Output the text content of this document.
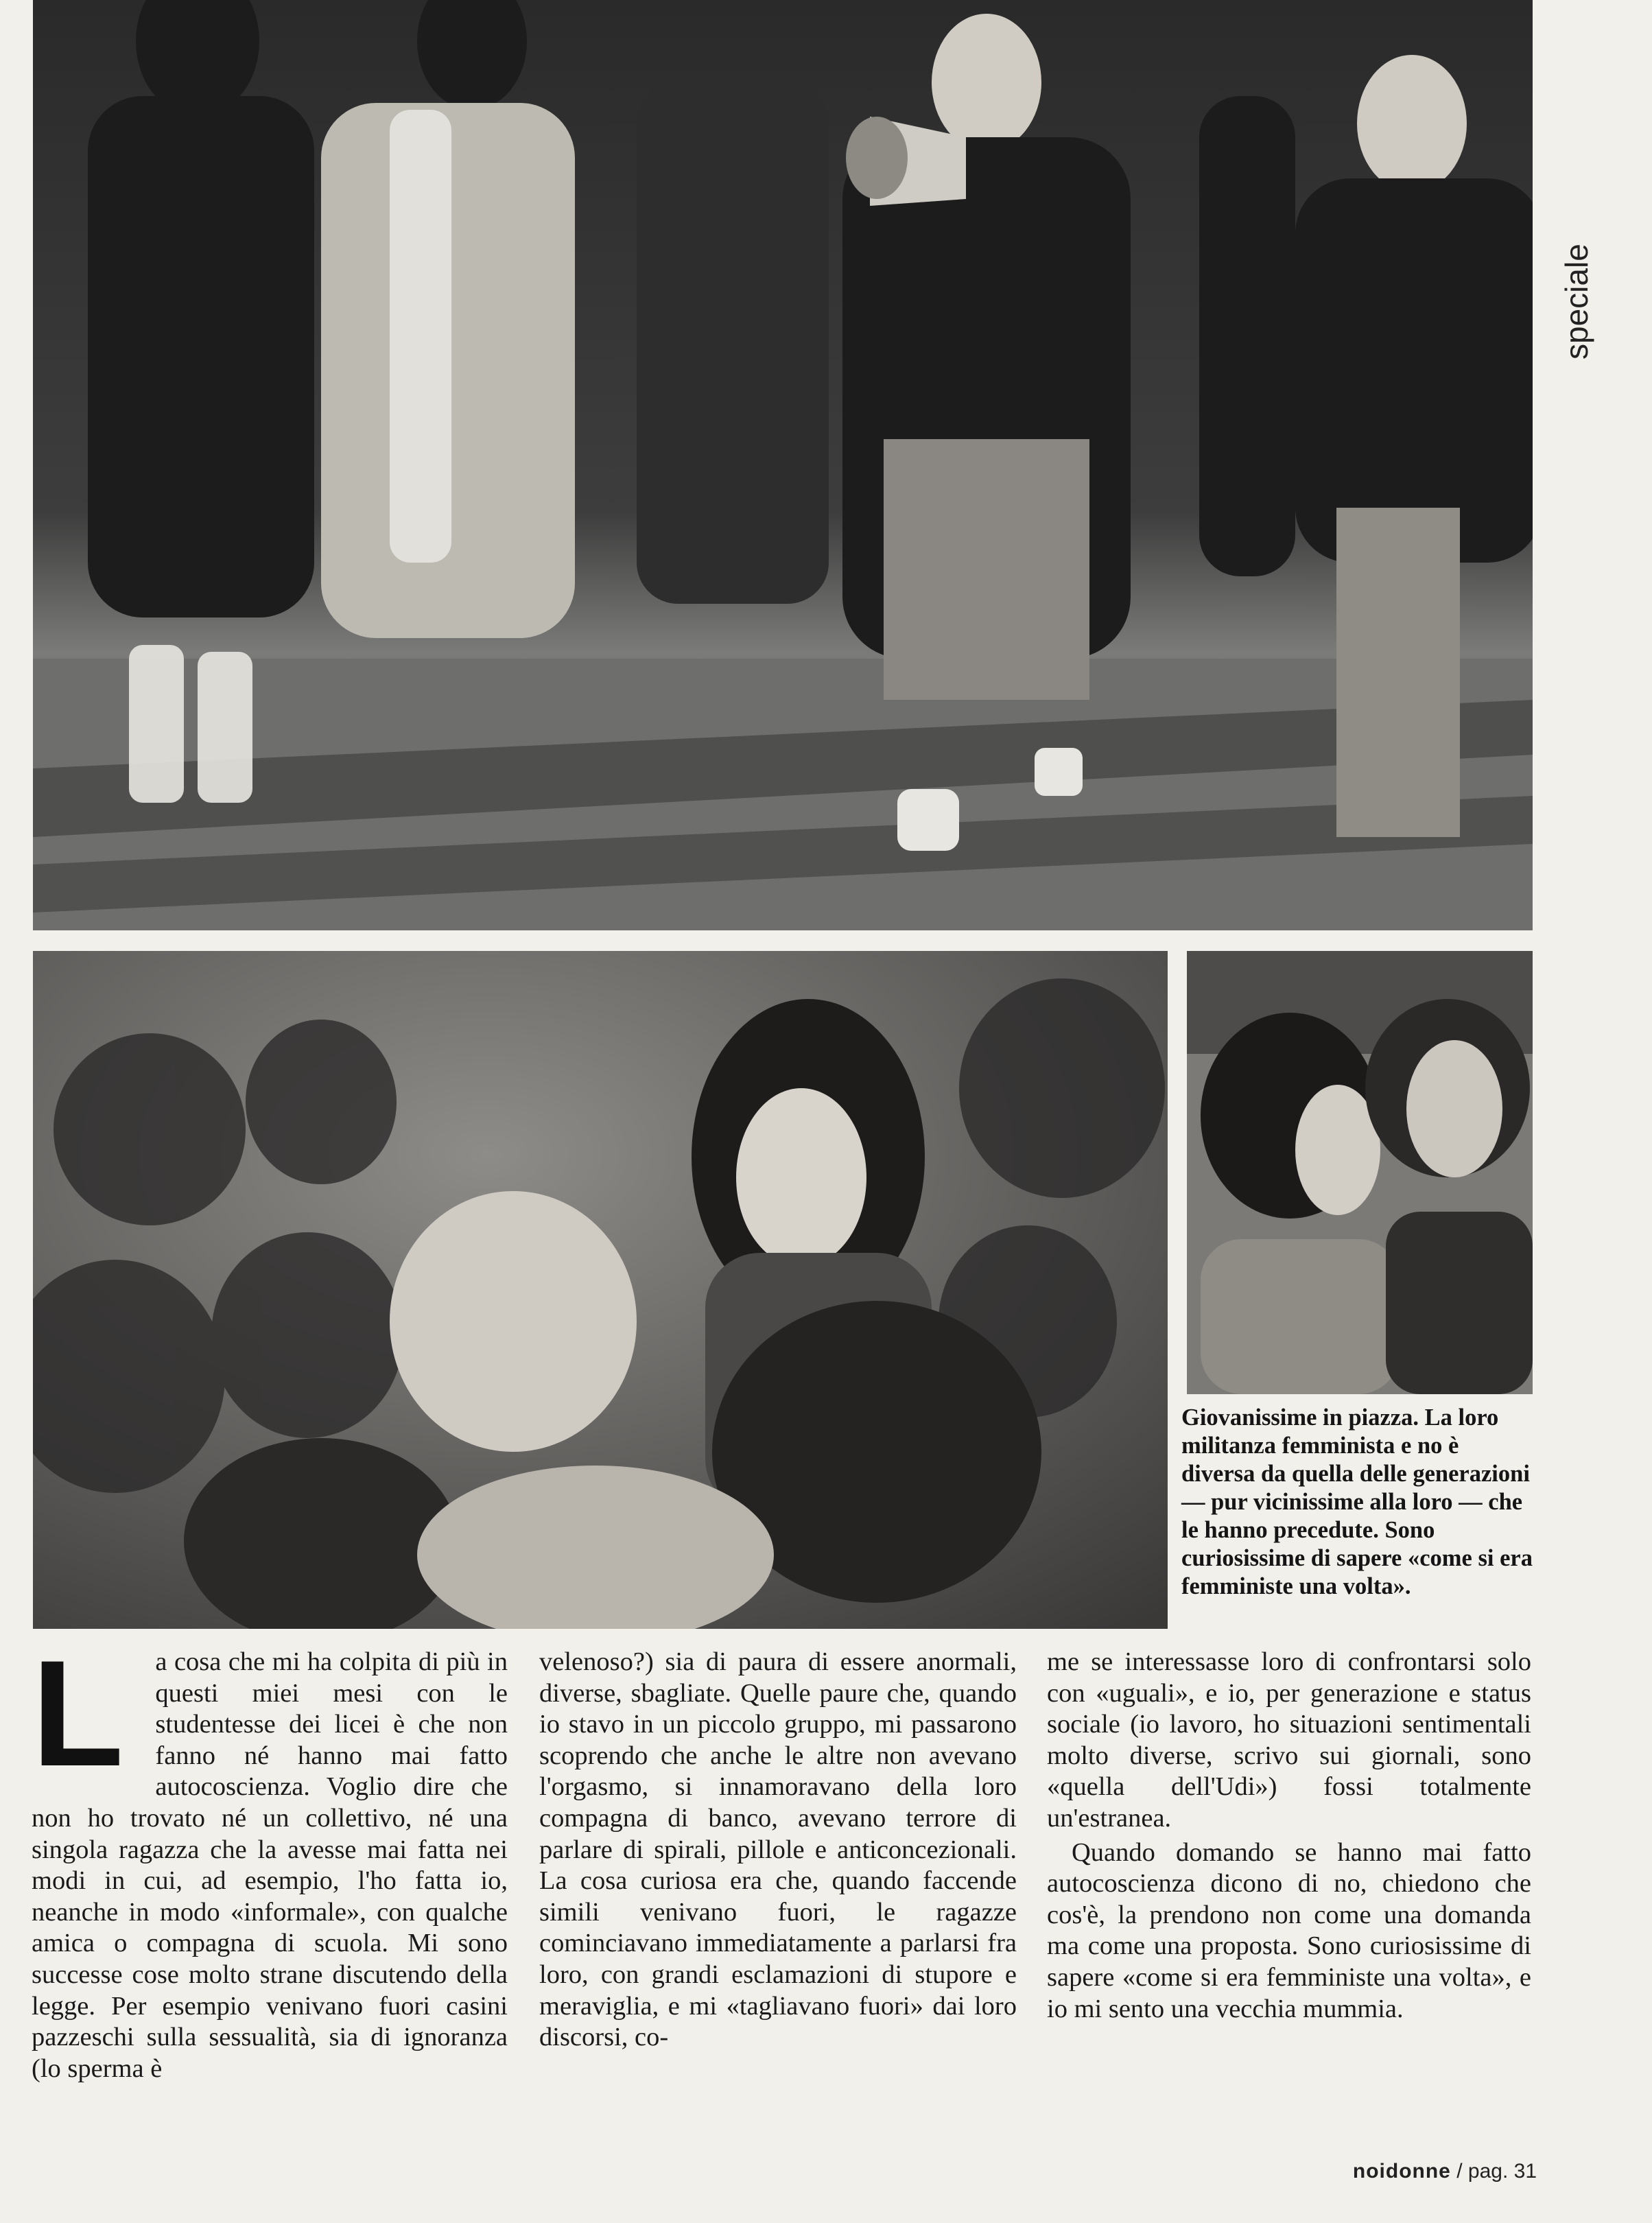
speciale
Giovanissime in piazza. La loro militanza femminista e no è diversa da quella delle generazioni — pur vicinissime alla loro — che le hanno precedute. Sono curiosissime di sapere «come si era femministe una volta».
L a cosa che mi ha colpita di più in questi miei mesi con le studentesse dei licei è che non fanno né hanno mai fatto autocoscienza. Voglio dire che non ho trovato né un collettivo, né una singola ragazza che la avesse mai fatta nei modi in cui, ad esempio, l'ho fatta io, neanche in modo «informale», con qualche amica o compagna di scuola. Mi sono successe cose molto strane discutendo della legge. Per esempio venivano fuori casini pazzeschi sulla sessualità, sia di ignoranza (lo sperma è
velenoso?) sia di paura di essere anormali, diverse, sbagliate. Quelle paure che, quando io stavo in un piccolo gruppo, mi passarono scoprendo che anche le altre non avevano l'orgasmo, si innamoravano della loro compagna di banco, avevano terrore di parlare di spirali, pillole e anticoncezionali. La cosa curiosa era che, quando faccende simili venivano fuori, le ragazze cominciavano immediatamente a parlarsi fra loro, con grandi esclamazioni di stupore e meraviglia, e mi «tagliavano fuori» dai loro discorsi, co-
me se interessasse loro di confrontarsi solo con «uguali», e io, per generazione e status sociale (io lavoro, ho situazioni sentimentali molto diverse, scrivo sui giornali, sono «quella dell'Udi») fossi totalmente un'estranea.
Quando domando se hanno mai fatto autocoscienza dicono di no, chiedono che cos'è, la prendono non come una domanda ma come una proposta. Sono curiosissime di sapere «come si era femministe una volta», e io mi sento una vecchia mummia.
noidonne / pag. 31
